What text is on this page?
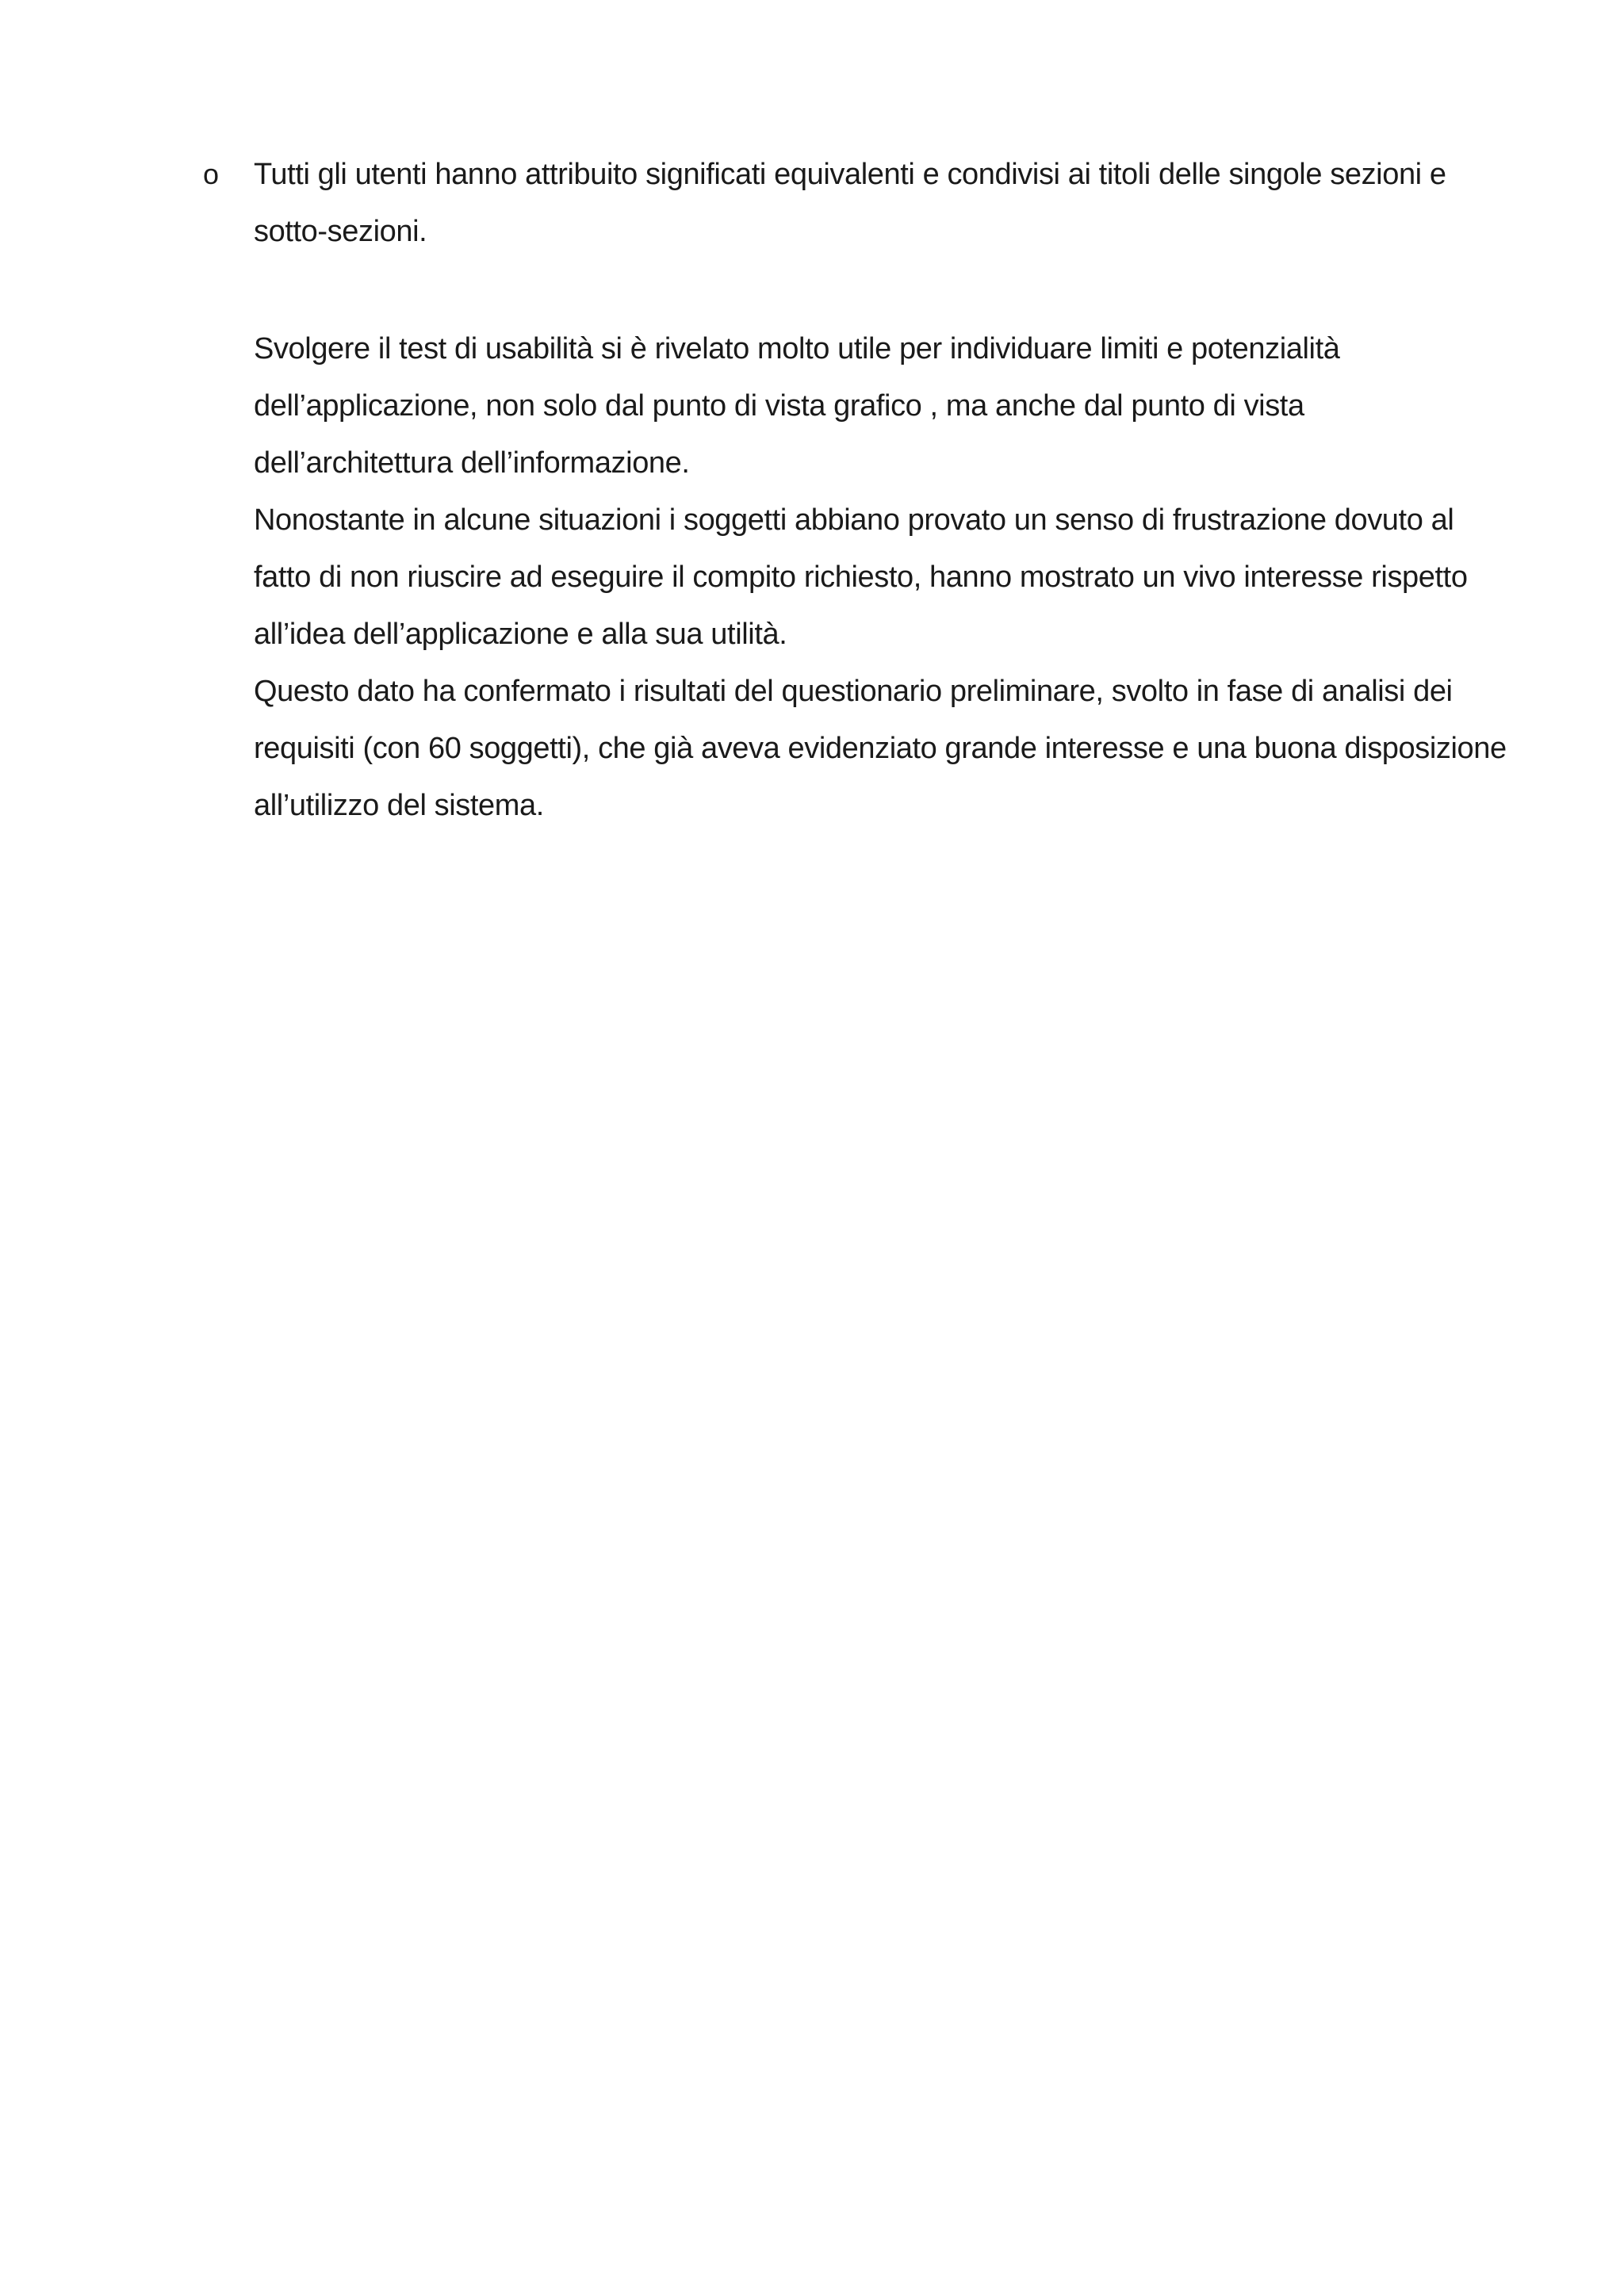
o Tutti gli utenti hanno attribuito significati equivalenti e condivisi ai titoli delle singole sezioni e
sotto-sezioni.
Svolgere il test di usabilità si è rivelato molto utile per individuare limiti e potenzialità
dell’applicazione, non solo dal punto di vista grafico , ma anche dal punto di vista
dell’architettura dell’informazione.
Nonostante in alcune situazioni i soggetti abbiano provato un senso di frustrazione dovuto al
fatto di non riuscire ad eseguire il compito richiesto, hanno mostrato un vivo interesse rispetto
all’idea dell’applicazione e alla sua utilità.
Questo dato ha confermato i risultati del questionario preliminare, svolto in fase di analisi dei
requisiti (con 60 soggetti), che già aveva evidenziato grande interesse e una buona disposizione
all’utilizzo del sistema.
